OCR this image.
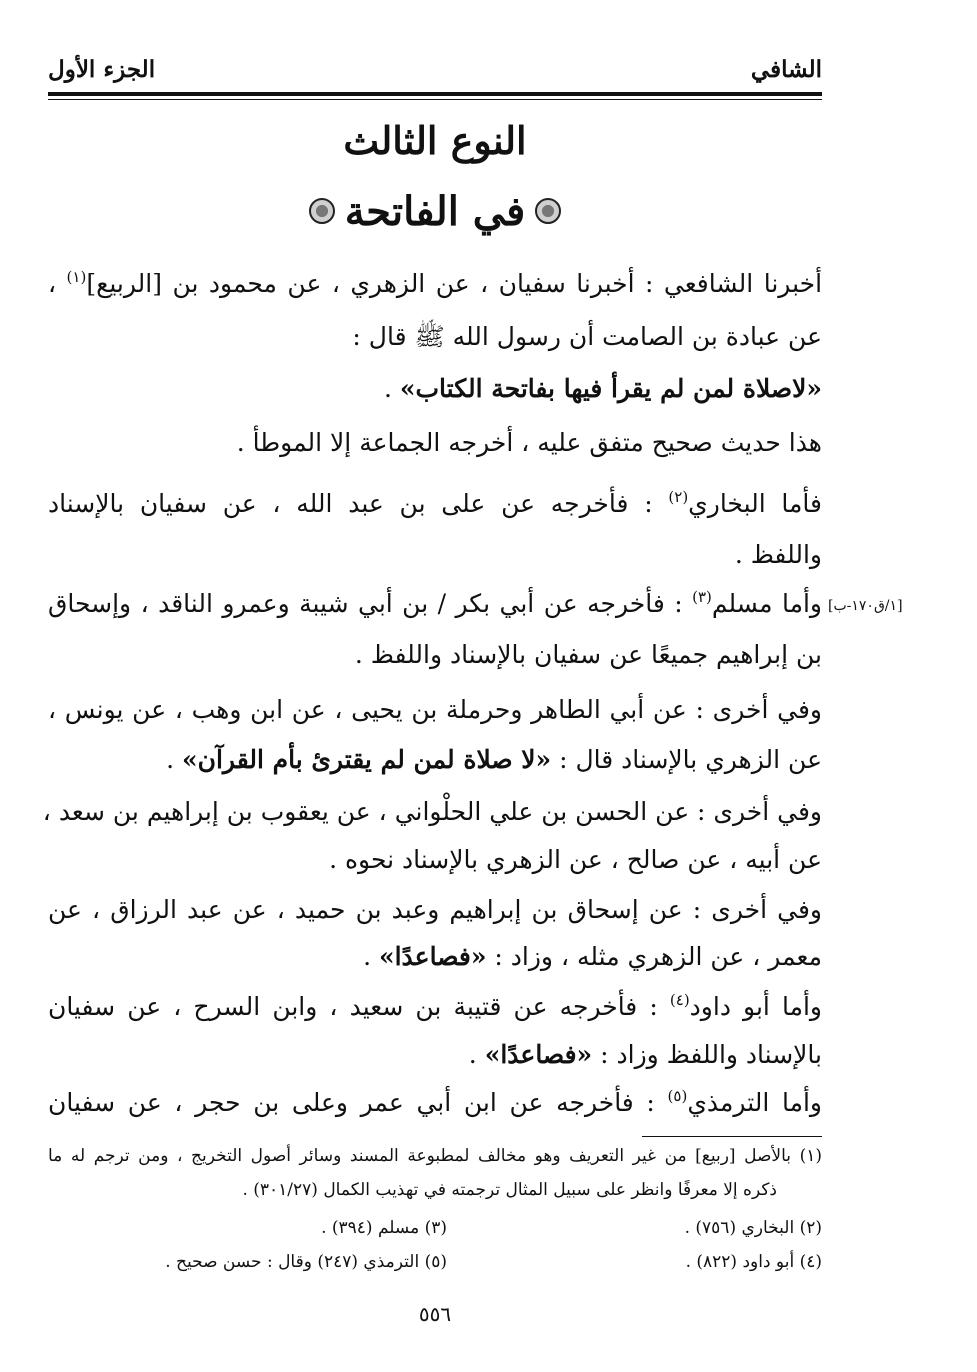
الشافي
الجزء الأول
النوع الثالث
في الفاتحة
أخبرنا الشافعي : أخبرنا سفيان ، عن الزهري ، عن محمود بن [الربيع]$^{(١)}$ ،
عن عبادة بن الصامت أن رسول الله ﷺ قال :
«لاصلاة لمن لم يقرأ فيها بفاتحة الكتاب» .
هذا حديث صحيح متفق عليه ، أخرجه الجماعة إلا الموطأ .
فأما البخاري$^{(٢)}$ : فأخرجه عن على بن عبد الله ، عن سفيان بالإسناد
واللفظ .
وأما مسلم$^{(٣)}$ : فأخرجه عن أبي بكر / بن أبي شيبة وعمرو الناقد ، وإسحاق	[١/ق١٧٠-ب]
بن إبراهيم جميعًا عن سفيان بالإسناد واللفظ .
وفي أخرى : عن أبي الطاهر وحرملة بن يحيى ، عن ابن وهب ، عن يونس ،
عن الزهري بالإسناد قال : «لا صلاة لمن لم يقترئ بأم القرآن» .
وفي أخرى : عن الحسن بن علي الحلْواني ، عن يعقوب بن إبراهيم بن سعد ،
عن أبيه ، عن صالح ، عن الزهري بالإسناد نحوه .
وفي أخرى : عن إسحاق بن إبراهيم وعبد بن حميد ، عن عبد الرزاق ، عن
معمر ، عن الزهري مثله ، وزاد : «فصاعدًا» .
وأما أبو داود$^{(٤)}$ : فأخرجه عن قتيبة بن سعيد ، وابن السرح ، عن سفيان
بالإسناد واللفظ وزاد : «فصاعدًا» .
وأما الترمذي$^{(٥)}$ : فأخرجه عن ابن أبي عمر وعلى بن حجر ، عن سفيان
(١) بالأصل [ربيع] من غير التعريف وهو مخالف لمطبوعة المسند وسائر أصول التخريج ، ومن ترجم له ما
ذكره إلا معرفًا وانظر على سبيل المثال ترجمته في تهذيب الكمال (٣٠١/٢٧) .
(٢) البخاري (٧٥٦) .
(٣) مسلم (٣٩٤) .
(٤) أبو داود (٨٢٢) .
(٥) الترمذي (٢٤٧) وقال : حسن صحيح .
٥٥٦
